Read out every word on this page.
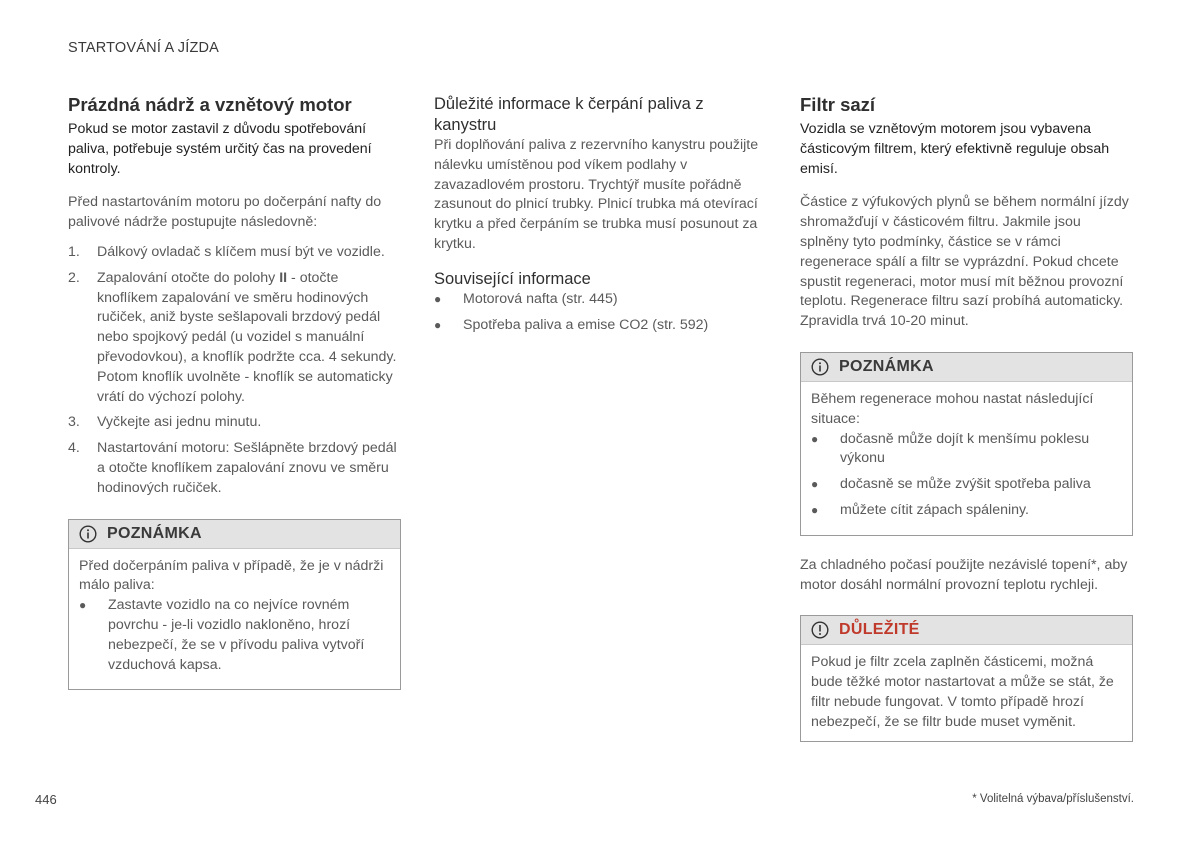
STARTOVÁNÍ A JÍZDA
Prázdná nádrž a vznětový motor

Pokud se motor zastavil z důvodu spotřebování paliva, potřebuje systém určitý čas na provedení kontroly.

Před nastartováním motoru po dočerpání nafty do palivové nádrže postupujte následovně:

1.	Dálkový ovladač s klíčem musí být ve vozidle.
2.	Zapalování otočte do polohy II - otočte knoflíkem zapalování ve směru hodinových ručiček, aniž byste sešlapovali brzdový pedál nebo spojkový pedál (u vozidel s manuální převodovkou), a knoflík podržte cca. 4 sekundy. Potom knoflík uvolněte - knoflík se automaticky vrátí do výchozí polohy.
3.	Vyčkejte asi jednu minutu.
4.	Nastartování motoru: Sešlápněte brzdový pedál a otočte knoflíkem zapalování znovu ve směru hodinových ručiček.
POZNÁMKA

Před dočerpáním paliva v případě, že je v nádrži málo paliva:

●	Zastavte vozidlo na co nejvíce rovném povrchu - je-li vozidlo nakloněno, hrozí nebezpečí, že se v přívodu paliva vytvoří vzduchová kapsa.
Důležité informace k čerpání paliva z kanystru

Při doplňování paliva z rezervního kanystru použijte nálevku umístěnou pod víkem podlahy v zavazadlovém prostoru. Trychtýř musíte pořádně zasunout do plnicí trubky. Plnicí trubka má otevírací krytku a před čerpáním se trubka musí posunout za krytku.

Související informace
●	Motorová nafta (str. 445)
●	Spotřeba paliva a emise CO2 (str. 592)
Filtr sazí

Vozidla se vznětovým motorem jsou vybavena částicovým filtrem, který efektivně reguluje obsah emisí.

Částice z výfukových plynů se během normální jízdy shromažďují v částicovém filtru. Jakmile jsou splněny tyto podmínky, částice se v rámci regenerace spálí a filtr se vyprázdní. Pokud chcete spustit regeneraci, motor musí mít běžnou provozní teplotu. Regenerace filtru sazí probíhá automaticky. Zpravidla trvá 10-20 minut.

POZNÁMKA

Během regenerace mohou nastat následující situace:

●	dočasně může dojít k menšímu poklesu výkonu
●	dočasně se může zvýšit spotřeba paliva
●	můžete cítit zápach spáleniny.

Za chladného počasí použijte nezávislé topení*, aby motor dosáhl normální provozní teplotu rychleji.

DŮLEŽITÉ

Pokud je filtr zcela zaplněn částicemi, možná bude těžké motor nastartovat a může se stát, že filtr nebude fungovat. V tomto případě hrozí nebezpečí, že se filtr bude muset vyměnit.

446	* Volitelná výbava/příslušenství.
